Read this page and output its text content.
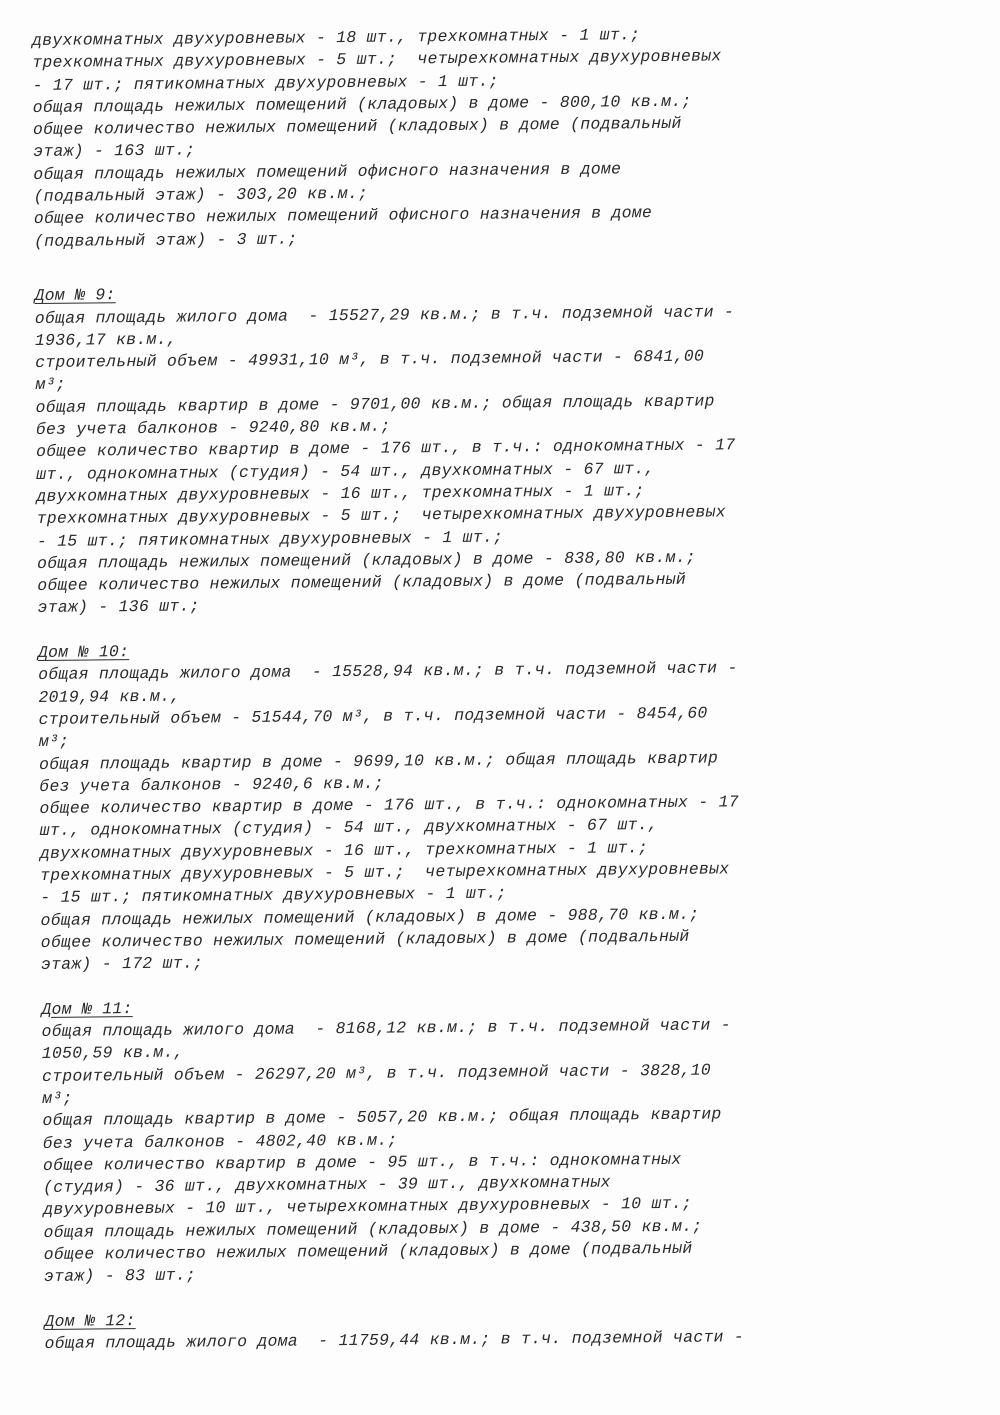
двухкомнатных двухуровневых - 18 шт., трехкомнатных - 1 шт.;
трехкомнатных двухуровневых - 5 шт.;  четырехкомнатных двухуровневых
- 17 шт.; пятикомнатных двухуровневых - 1 шт.;
общая площадь нежилых помещений (кладовых) в доме - 800,10 кв.м.;
общее количество нежилых помещений (кладовых) в доме (подвальный
этаж) - 163 шт.;
общая площадь нежилых помещений офисного назначения в доме
(подвальный этаж) - 303,20 кв.м.;
общее количество нежилых помещений офисного назначения в доме
(подвальный этаж) - 3 шт.;
Дом № 9:
общая площадь жилого дома  - 15527,29 кв.м.; в т.ч. подземной части -
1936,17 кв.м.,
строительный объем - 49931,10 м³, в т.ч. подземной части - 6841,00
м³;
общая площадь квартир в доме - 9701,00 кв.м.; общая площадь квартир
без учета балконов - 9240,80 кв.м.;
общее количество квартир в доме - 176 шт., в т.ч.: однокомнатных - 17
шт., однокомнатных (студия) - 54 шт., двухкомнатных - 67 шт.,
двухкомнатных двухуровневых - 16 шт., трехкомнатных - 1 шт.;
трехкомнатных двухуровневых - 5 шт.;  четырехкомнатных двухуровневых
- 15 шт.; пятикомнатных двухуровневых - 1 шт.;
общая площадь нежилых помещений (кладовых) в доме - 838,80 кв.м.;
общее количество нежилых помещений (кладовых) в доме (подвальный
этаж) - 136 шт.;
Дом № 10:
общая площадь жилого дома  - 15528,94 кв.м.; в т.ч. подземной части -
2019,94 кв.м.,
строительный объем - 51544,70 м³, в т.ч. подземной части - 8454,60
м³;
общая площадь квартир в доме - 9699,10 кв.м.; общая площадь квартир
без учета балконов - 9240,6 кв.м.;
общее количество квартир в доме - 176 шт., в т.ч.: однокомнатных - 17
шт., однокомнатных (студия) - 54 шт., двухкомнатных - 67 шт.,
двухкомнатных двухуровневых - 16 шт., трехкомнатных - 1 шт.;
трехкомнатных двухуровневых - 5 шт.;  четырехкомнатных двухуровневых
- 15 шт.; пятикомнатных двухуровневых - 1 шт.;
общая площадь нежилых помещений (кладовых) в доме - 988,70 кв.м.;
общее количество нежилых помещений (кладовых) в доме (подвальный
этаж) - 172 шт.;
Дом № 11:
общая площадь жилого дома  - 8168,12 кв.м.; в т.ч. подземной части -
1050,59 кв.м.,
строительный объем - 26297,20 м³, в т.ч. подземной части - 3828,10
м³;
общая площадь квартир в доме - 5057,20 кв.м.; общая площадь квартир
без учета балконов - 4802,40 кв.м.;
общее количество квартир в доме - 95 шт., в т.ч.: однокомнатных
(студия) - 36 шт., двухкомнатных - 39 шт., двухкомнатных
двухуровневых - 10 шт., четырехкомнатных двухуровневых - 10 шт.;
общая площадь нежилых помещений (кладовых) в доме - 438,50 кв.м.;
общее количество нежилых помещений (кладовых) в доме (подвальный
этаж) - 83 шт.;
Дом № 12:
общая площадь жилого дома  - 11759,44 кв.м.; в т.ч. подземной части -
